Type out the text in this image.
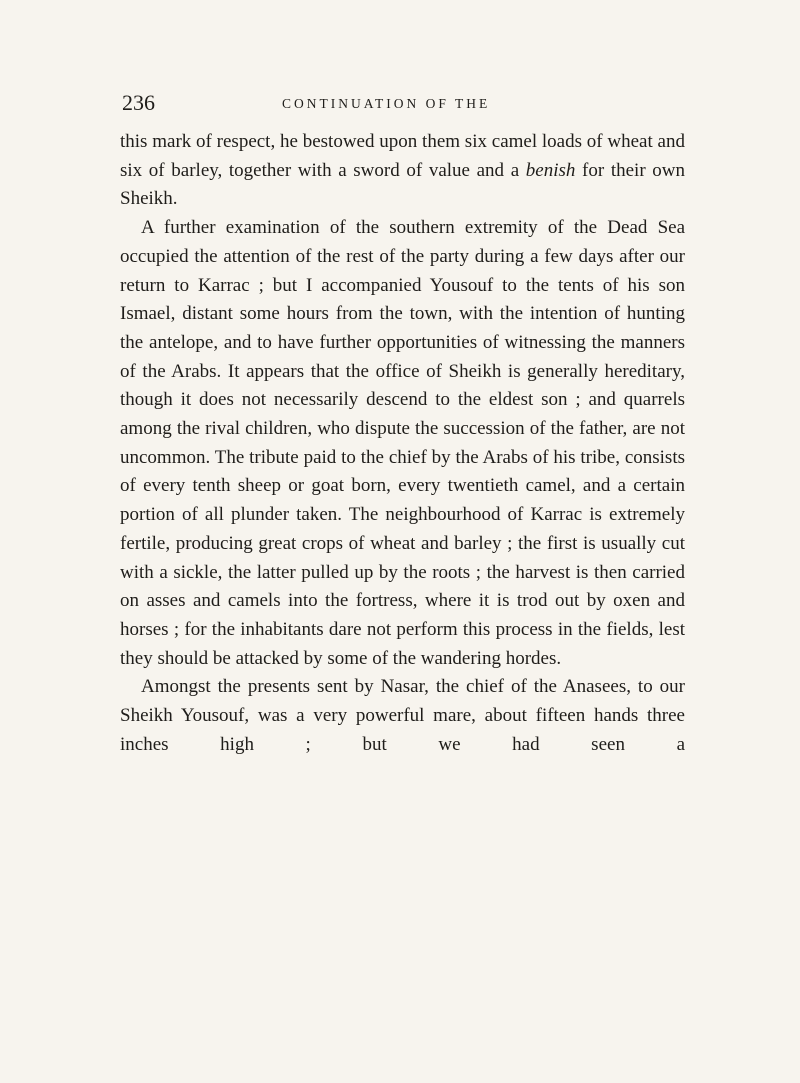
236	CONTINUATION OF THE

this mark of respect, he bestowed upon them six camel loads of wheat and six of barley, together with a sword of value and a benish for their own Sheikh.

A further examination of the southern extremity of the Dead Sea occupied the attention of the rest of the party during a few days after our return to Karrac ; but I accompanied Yousouf to the tents of his son Ismael, distant some hours from the town, with the intention of hunting the antelope, and to have further opportunities of witnessing the manners of the Arabs. It appears that the office of Sheikh is generally hereditary, though it does not necessarily descend to the eldest son ; and quarrels among the rival children, who dispute the succession of the father, are not uncommon. The tribute paid to the chief by the Arabs of his tribe, consists of every tenth sheep or goat born, every twentieth camel, and a certain portion of all plunder taken. The neighbourhood of Karrac is extremely fertile, producing great crops of wheat and barley ; the first is usually cut with a sickle, the latter pulled up by the roots ; the harvest is then carried on asses and camels into the fortress, where it is trod out by oxen and horses ; for the inhabitants dare not perform this process in the fields, lest they should be attacked by some of the wandering hordes.

Amongst the presents sent by Nasar, the chief of the Anasees, to our Sheikh Yousouf, was a very powerful mare, about fifteen hands three inches high ; but we had seen a
